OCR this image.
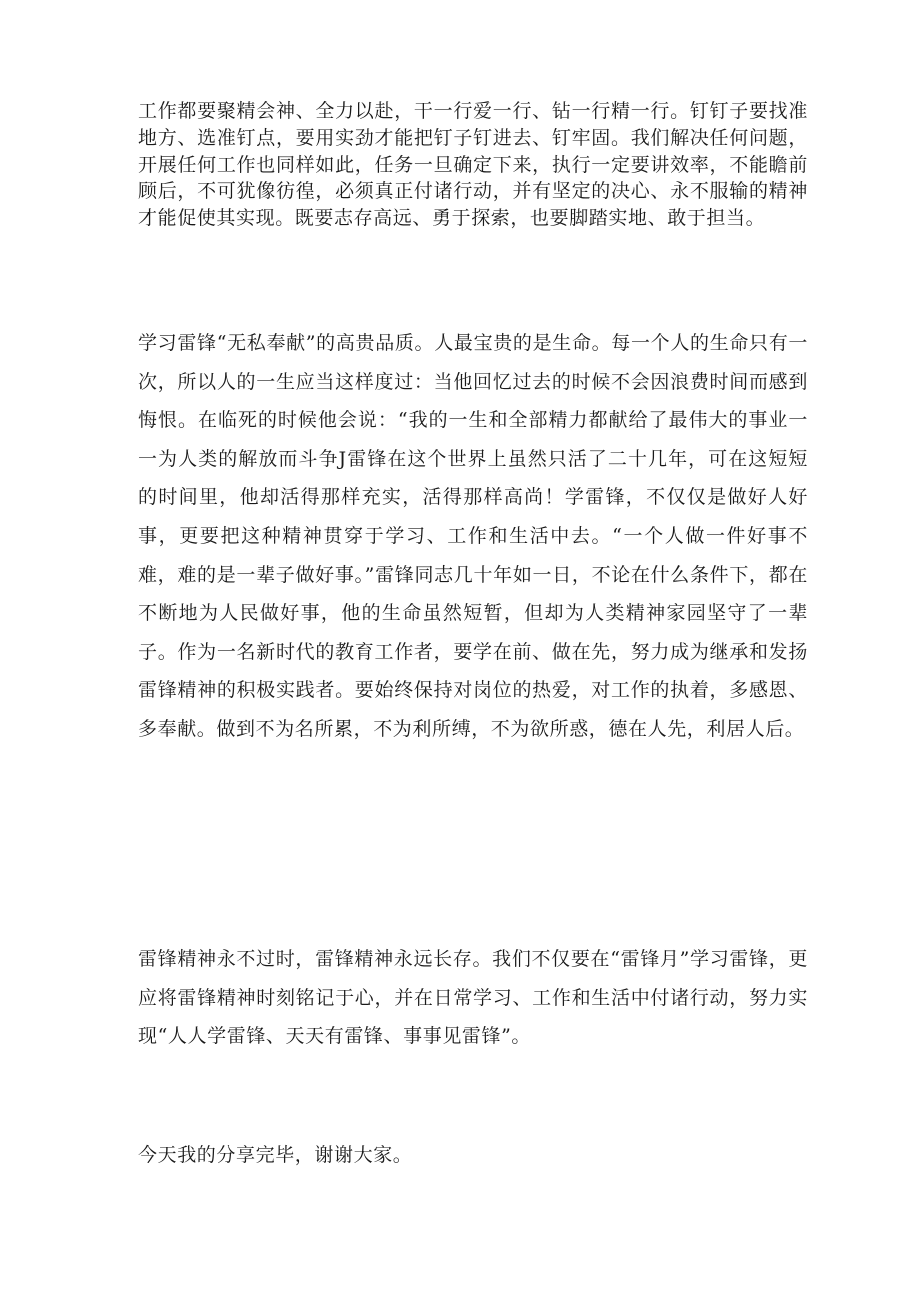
工作都要聚精会神、全力以赴，干一行爱一行、钻一行精一行。钉钉子要找准地方、选准钉点，要用实劲才能把钉子钉进去、钉牢固。我们解决任何问题，开展任何工作也同样如此，任务一旦确定下来，执行一定要讲效率，不能瞻前顾后，不可犹像彷徨，必须真正付诸行动，并有坚定的决心、永不服输的精神才能促使其实现。既要志存高远、勇于探索，也要脚踏实地、敢于担当。

学习雷锋“无私奉献”的高贵品质。人最宝贵的是生命。每一个人的生命只有一次，所以人的一生应当这样度过：当他回忆过去的时候不会因浪费时间而感到悔恨。在临死的时候他会说：“我的一生和全部精力都献给了最伟大的事业一一为人类的解放而斗争J雷锋在这个世界上虽然只活了二十几年，可在这短短的时间里，他却活得那样充实，活得那样高尚！学雷锋，不仅仅是做好人好事，更要把这种精神贯穿于学习、工作和生活中去。“一个人做一件好事不难，难的是一辈子做好事。”雷锋同志几十年如一日，不论在什么条件下，都在不断地为人民做好事，他的生命虽然短暂，但却为人类精神家园坚守了一辈子。作为一名新时代的教育工作者，要学在前、做在先，努力成为继承和发扬雷锋精神的积极实践者。要始终保持对岗位的热爱，对工作的执着，多感恩、多奉献。做到不为名所累，不为利所缚，不为欲所惑，德在人先，利居人后。

雷锋精神永不过时，雷锋精神永远长存。我们不仅要在“雷锋月”学习雷锋，更应将雷锋精神时刻铭记于心，并在日常学习、工作和生活中付诸行动，努力实现“人人学雷锋、天天有雷锋、事事见雷锋”。

今天我的分享完毕，谢谢大家。
